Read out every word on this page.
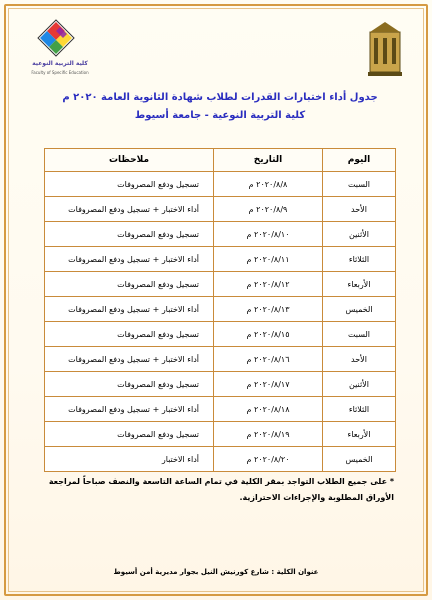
كلية التربية النوعية
Faculty of Specific Education
جدول أداء اختبارات القدرات لطلاب شهادة الثانوية العامة ٢٠٢٠ م
كلية التربية النوعية - جامعة أسيوط
اليوم	التاريخ	ملاحظات
السبت	٢٠٢٠/٨/٨ م	تسجيل ودفع المصروفات
الأحد	٢٠٢٠/٨/٩ م	أداء الاختبار + تسجيل ودفع المصروفات
الأثنين	٢٠٢٠/٨/١٠ م	تسجيل ودفع المصروفات
الثلاثاء	٢٠٢٠/٨/١١ م	أداء الاختبار + تسجيل ودفع المصروفات
الأربعاء	٢٠٢٠/٨/١٢ م	تسجيل ودفع المصروفات
الخميس	٢٠٢٠/٨/١٣ م	أداء الاختبار + تسجيل ودفع المصروفات
السبت	٢٠٢٠/٨/١٥ م	تسجيل ودفع المصروفات
الأحد	٢٠٢٠/٨/١٦ م	أداء الاختبار + تسجيل ودفع المصروفات
الأثنين	٢٠٢٠/٨/١٧ م	تسجيل ودفع المصروفات
الثلاثاء	٢٠٢٠/٨/١٨ م	أداء الاختبار + تسجيل ودفع المصروفات
الأربعاء	٢٠٢٠/٨/١٩ م	تسجيل ودفع المصروفات
الخميس	٢٠٢٠/٨/٢٠ م	أداء الاختبار
* على جميع الطلاب التواجد بمقر الكلية في تمام الساعة التاسعة والنصف صباحاً لمراجعة الأوراق المطلوبة والإجراءات الاحترازية.
عنوان الكلية : شارع كورنيش النيل بجوار مديرية أمن أسيوط
